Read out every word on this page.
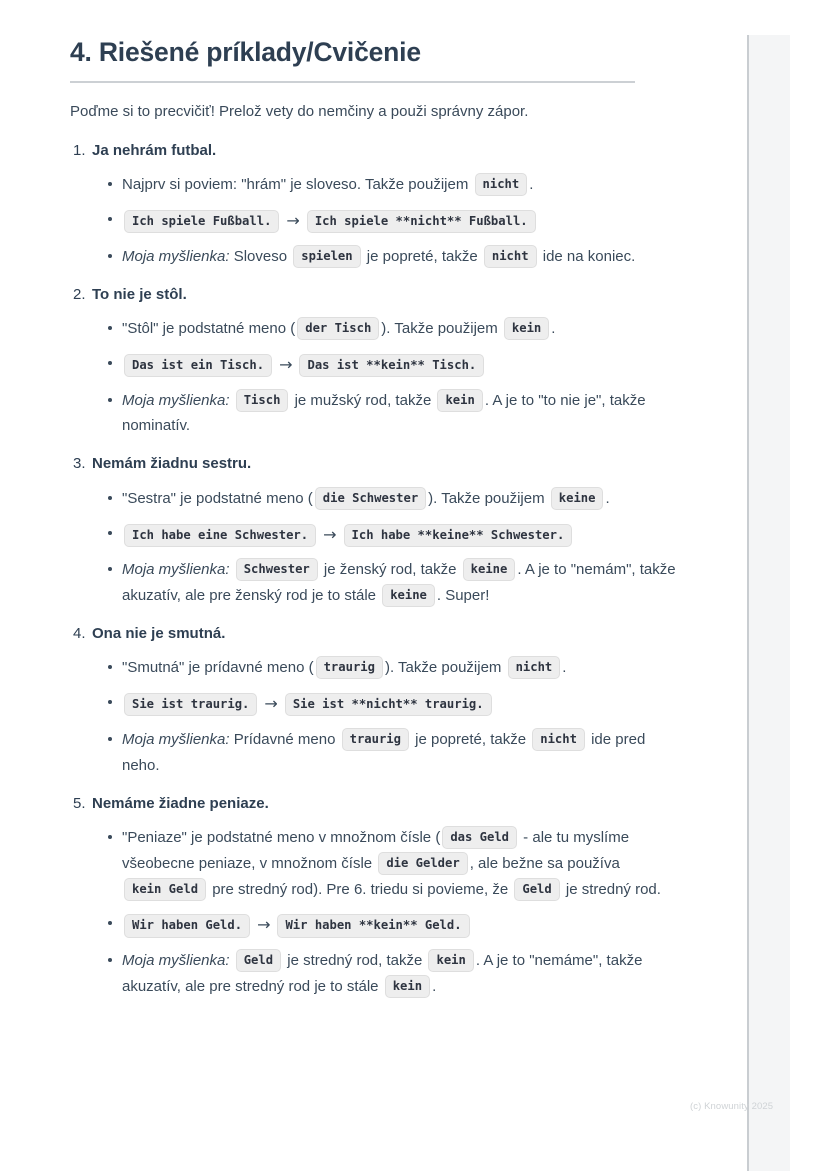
4. Riešené príklady/Cvičenie

Poďme si to precvičiť! Prelož vety do nemčiny a použi správny zápor.

Ja nehrám futbal.
Najprv si poviem: "hrám" je sloveso. Takže použijem nicht .
Ich spiele Fußball. → Ich spiele **nicht** Fußball.
Moja myšlienka: Sloveso spielen je popreté, takže nicht ide na koniec.
To nie je stôl.
"Stôl" je podstatné meno ( der Tisch ). Takže použijem kein .
Das ist ein Tisch. → Das ist **kein** Tisch.
Moja myšlienka: Tisch je mužský rod, takže kein . A je to "to nie je", takže nominatív.
Nemám žiadnu sestru.
"Sestra" je podstatné meno ( die Schwester ). Takže použijem keine .
Ich habe eine Schwester. → Ich habe **keine** Schwester.
Moja myšlienka: Schwester je ženský rod, takže keine . A je to "nemám", takže akuzatív, ale pre ženský rod je to stále keine . Super!
Ona nie je smutná.
"Smutná" je prídavné meno ( traurig ). Takže použijem nicht .
Sie ist traurig. → Sie ist **nicht** traurig.
Moja myšlienka: Prídavné meno traurig je popreté, takže nicht ide pred neho.
Nemáme žiadne peniaze.
"Peniaze" je podstatné meno v množnom čísle ( das Geld - ale tu myslíme všeobecne peniaze, v množnom čísle die Gelder , ale bežne sa používa kein Geld pre stredný rod). Pre 6. triedu si povieme, že Geld je stredný rod.
Wir haben Geld. → Wir haben **kein** Geld.
Moja myšlienka: Geld je stredný rod, takže kein . A je to "nemáme", takže akuzatív, ale pre stredný rod je to stále kein .
(c) Knowunity 2025
